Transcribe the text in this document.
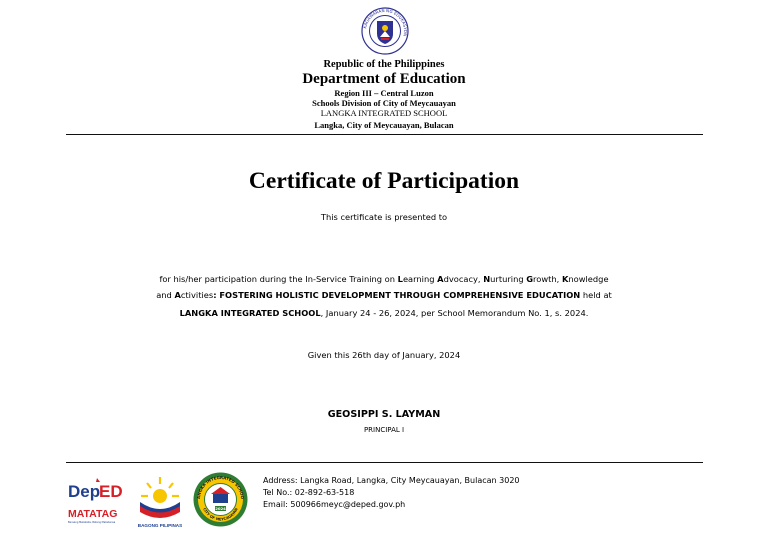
KAGAWARAN NG EDUKASYON
Republic of the Philippines
Department of Education
Region III – Central Luzon
Schools Division of City of Meycauayan
LANGKA INTEGRATED SCHOOL
Langka, City of Meycauayan, Bulacan
Certificate of Participation
This certificate is presented to
for his/her participation during the In-Service Training on Learning Advocacy, Nurturing Growth, Knowledge
and Activities: FOSTERING HOLISTIC DEVELOPMENT THROUGH COMPREHENSIVE EDUCATION held at
LANGKA INTEGRATED SCHOOL, January 24 - 26, 2024, per School Memorandum No. 1, s. 2024.
Given this 26th day of January, 2024
GEOSIPPI S. LAYMAN
PRINCIPAL I
Dep
ED
MATATAG
Bansang Makabata, Batang Makabansa
BAGONG PILIPINAS
ANGKA INTEGRATED SCHOO
CITY OF MEYCAUAYAN
2024
Address: Langka Road, Langka, City Meycauayan, Bulacan 3020
Tel No.: 02-892-63-518
Email: 500966meyc@deped.gov.ph
